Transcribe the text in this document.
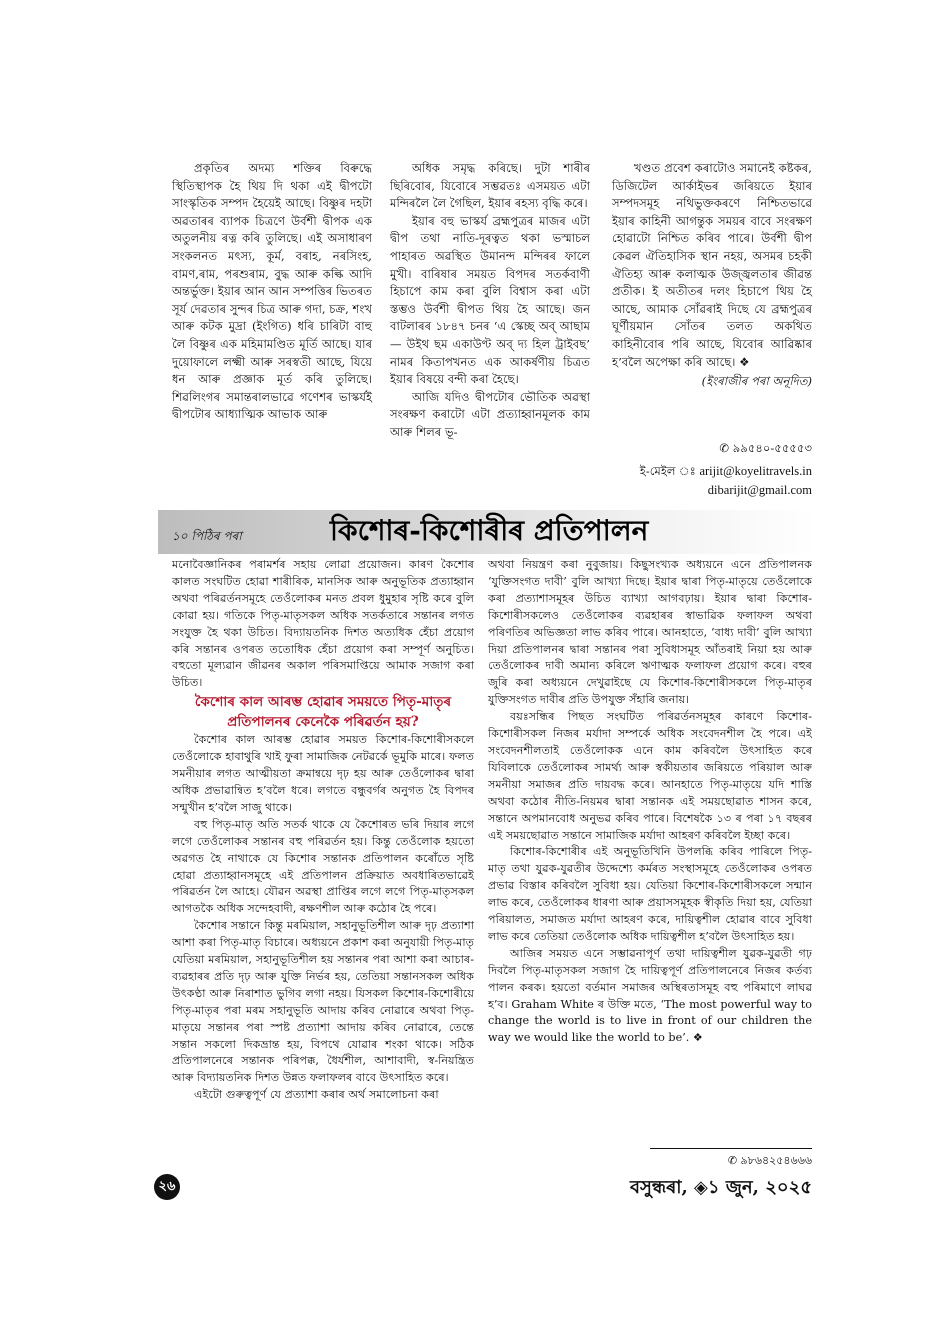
প্ৰকৃতিৰ অদম্য শক্তিৰ বিৰুদ্ধে স্থিতিস্থাপক হৈ থিয় দি থকা এই দ্বীপটো সাংস্কৃতিক সম্পদ হৈয়েই আছে। বিষ্ণুৰ দহটা অৱতাৰৰ ব্যাপক চিত্ৰণে উৰ্বশী দ্বীপক এক অতুলনীয় ৰত্ন কৰি তুলিছে। এই অসাধাৰণ সংকলনত মৎস্য, কূৰ্ম, বৰাহ, নৰসিংহ, বামণ,ৰাম, পৰশুৰাম, বুদ্ধ আৰু কল্কি আদি অন্তৰ্ভুক্ত। ইয়াৰ আন আন সম্পত্তিৰ ভিতৰত সূৰ্য দেৱতাৰ সুন্দৰ চিত্ৰ আৰু গদা, চক্ৰ, শংখ আৰু কটক মুদ্ৰা (ইংগিত) ধৰি চাৰিটা বাহু লৈ বিষ্ণুৰ এক মহিমামণ্ডিত মূৰ্তি আছে। যাৰ দুয়োফালে লক্ষ্মী আৰু সৰস্বতী আছে, যিয়ে ধন আৰু প্ৰজ্ঞাক মূৰ্ত কৰি তুলিছে। শিৱলিংগৰ সমান্তৰালভাৱে গণেশৰ ভাস্কৰ্যই দ্বীপটোৰ আধ্যাত্মিক আভাক আৰু

অধিক সমৃদ্ধ কৰিছে। দুটা শাৰীৰ ছিৰিবোৰ, যিবোৰে সম্ভৱতঃ এসময়ত এটা মন্দিৰলৈ লৈ গৈছিল, ইয়াৰ ৰহস্য বৃদ্ধি কৰে।

ইয়াৰ বহু ভাস্কৰ্য ব্ৰহ্মপুত্ৰৰ মাজৰ এটা দ্বীপ তথা নাতি-দূৰত্বত থকা ভস্মাচল পাহাৰত অৱস্থিত উমানন্দ মন্দিৰৰ ফালে মুখী। বাৰিষাৰ সময়ত বিপদৰ সতৰ্কবাণী হিচাপে কাম কৰা বুলি বিশ্বাস কৰা এটা স্তম্ভও উৰ্বশী দ্বীপত থিয় হৈ আছে। জন বাটলাৰৰ ১৮৪৭ চনৰ ‘এ স্কেচ্ছ অব্ আছাম— উইথ ছম একাউণ্ট অব্ দ্য হিল ট্ৰাইবছ’ নামৰ কিতাপখনত এক আকৰ্ষণীয় চিত্ৰত ইয়াৰ বিষয়ে বন্দী কৰা হৈছে।

আজি যদিও দ্বীপটোৰ ভৌতিক অৱস্থা সংৰক্ষণ কৰাটো এটা প্ৰত্যাহ্বানমূলক কাম আৰু শিলৰ ভূ-

খণ্ডত প্ৰবেশ কৰাটোও সমানেই কষ্টকৰ, ডিজিটেল আৰ্কাইভৰ জৰিয়তে ইয়াৰ সম্পদসমূহ নথিভুক্তকৰণে নিশ্চিতভাৱে ইয়াৰ কাহিনী আগন্তুক সময়ৰ বাবে সংৰক্ষণ হোৱাটো নিশ্চিত কৰিব পাৰে। উৰ্বশী দ্বীপ কেৱল ঐতিহাসিক স্থান নহয়, অসমৰ চহকী ঐতিহ্য আৰু কলাত্মক উজ্জ্বলতাৰ জীৱন্ত প্ৰতীক। ই অতীতৰ দলং হিচাপে থিয় হৈ আছে, আমাক সোঁৱৰাই দিছে যে ব্ৰহ্মপুত্ৰৰ ঘূৰ্ণীয়মান সোঁতৰ তলত অকথিত কাহিনীবোৰ পৰি আছে, যিবোৰ আৱিষ্কাৰ হ’বলৈ অপেক্ষা কৰি আছে। ❖

(ইংৰাজীৰ পৰা অনূদিত)
✆ ৯৯৫৪০-৫৫৫৫৩
ই-মেইল ঃ arijit@koyelitravels.in
dibarijit@gmail.com
১০ পিঠিৰ পৰা	কিশোৰ-কিশোৰীৰ প্ৰতিপালন

মনোবৈজ্ঞানিকৰ পৰামৰ্শৰ সহায় লোৱা প্ৰয়োজন। কাৰণ কৈশোৰ কালত সংঘটিত হোৱা শাৰীৰিক, মানসিক আৰু অনুভূতিক প্ৰত্যাহ্বান অথবা পৰিৱৰ্তনসমূহে তেওঁলোকৰ মনত প্ৰবল ধুমুহাৰ সৃষ্টি কৰে বুলি কোৱা হয়। গতিকে পিতৃ-মাতৃসকল অধিক সতৰ্কতাৰে সন্তানৰ লগত সংযুক্ত হৈ থকা উচিত। বিদ্যায়তনিক দিশত অত্যধিক হেঁচা প্ৰয়োগ কৰি সন্তানৰ ওপৰত ততোধিক হেঁচা প্ৰয়োগ কৰা সম্পূৰ্ণ অনুচিত। বহুতো মূল্যৱান জীৱনৰ অকাল পৰিসমাপ্তিয়ে আমাক সজাগ কৰা উচিত।

কৈশোৰ কাল আৰম্ভ হোৱাৰ সময়তে পিতৃ-মাতৃৰ প্ৰতিপালনৰ কেনেকৈ পৰিৱৰ্তন হয়?

কৈশোৰ কাল আৰম্ভ হোৱাৰ সময়ত কিশোৰ-কিশোৰীসকলে তেওঁলোকে হাবাথুৰি খাই ফুৰা সামাজিক নেটৱৰ্কে ভূমুকি মাৰে। ফলত সমনীয়াৰ লগত আত্মীয়তা ক্ৰমান্বয়ে দৃঢ় হয় আৰু তেওঁলোকৰ দ্বাৰা অধিক প্ৰভাৱান্বিত হ’বলৈ ধৰে। লগতে বন্ধুবৰ্গৰ অনুগত হৈ বিপদৰ সন্মুখীন হ’বলৈ সাজু থাকে।

বহু পিতৃ-মাতৃ অতি সতৰ্ক থাকে যে কৈশোৰত ভৰি দিয়াৰ লগে লগে তেওঁলোকৰ সন্তানৰ বহু পৰিৱৰ্তন হয়। কিন্তু তেওঁলোক হয়তো অৱগত হৈ নাথাকে যে কিশোৰ সন্তানক প্ৰতিপালন কৰোঁতে সৃষ্টি হোৱা প্ৰত্যাহ্বানসমূহে এই প্ৰতিপালন প্ৰক্ৰিয়াত অবধাৰিতভাৱেই পৰিৱৰ্তন লৈ আহে। যৌৱন অৱস্থা প্ৰাপ্তিৰ লগে লগে পিতৃ-মাতৃসকল আগতকৈ অধিক সন্দেহবাদী, ৰক্ষণশীল আৰু কঠোৰ হৈ পৰে।

কৈশোৰ সন্তানে কিন্তু মৰমিয়াল, সহানুভূতিশীল আৰু দৃঢ় প্ৰত্যাশা আশা কৰা পিতৃ-মাতৃ বিচাৰে। অধ্যয়নে প্ৰকাশ কৰা অনুযায়ী পিতৃ-মাতৃ যেতিয়া মৰমিয়াল, সহানুভূতিশীল হয় সন্তানৰ পৰা আশা কৰা আচাৰ-ব্যৱহাৰৰ প্ৰতি দৃঢ় আৰু যুক্তি নিৰ্ভৰ হয়, তেতিয়া সন্তানসকল অধিক উৎকণ্ঠা আৰু নিৰাশাত ভুগিব লগা নহয়। যিসকল কিশোৰ-কিশোৰীয়ে পিতৃ-মাতৃৰ পৰা মৰম সহানুভূতি আদায় কৰিব নোৱাৰে অথবা পিতৃ-মাতৃয়ে সন্তানৰ পৰা স্পষ্ট প্ৰত্যাশা আদায় কৰিব নোৱাৰে, তেন্তে সন্তান সকলো দিকভ্ৰান্ত হয়, বিপথে যোৱাৰ শংকা থাকে। সঠিক প্ৰতিপালনেৰে সন্তানক পৰিপক্ক, ধৈৰ্যশীল, আশাবাদী, স্ব-নিয়ন্ত্ৰিত আৰু বিদ্যায়তনিক দিশত উন্নত ফলাফলৰ বাবে উৎসাহিত কৰে।

এইটো গুৰুত্বপূৰ্ণ যে প্ৰত্যাশা কৰাৰ অৰ্থ সমালোচনা কৰা

অথবা নিয়ন্ত্ৰণ কৰা নুবুজায়। কিছুসংখ্যক অধ্যয়নে এনে প্ৰতিপালনক ‘যুক্তিসংগত দাবী’ বুলি আখ্যা দিছে। ইয়াৰ দ্বাৰা পিতৃ-মাতৃয়ে তেওঁলোকে কৰা প্ৰত্যাশাসমূহৰ উচিত ব্যাখ্যা আগবঢ়ায়। ইয়াৰ দ্বাৰা কিশোৰ-কিশোৰীসকলেও তেওঁলোকৰ ব্যৱহাৰৰ স্বাভাৱিক ফলাফল অথবা পৰিণতিৰ অভিজ্ঞতা লাভ কৰিব পাৰে। আনহাতে, ‘বাধ্য দাবী’ বুলি আখ্যা দিয়া প্ৰতিপালনৰ দ্বাৰা সন্তানৰ পৰা সুবিধাসমূহ আঁতৰাই নিয়া হয় আৰু তেওঁলোকৰ দাবী অমান্য কৰিলে ঋণাত্মক ফলাফল প্ৰয়োগ কৰে। বহুৰ জুৰি কৰা অধ্যয়নে দেখুৱাইছে যে কিশোৰ-কিশোৰীসকলে পিতৃ-মাতৃৰ যুক্তিসংগত দাবীৰ প্ৰতি উপযুক্ত সঁহাৰি জনায়।

বয়ঃসন্ধিৰ পিছত সংঘটিত পৰিৱৰ্তনসমূহৰ কাৰণে কিশোৰ-কিশোৰীসকল নিজৰ মৰ্যাদা সম্পৰ্কে অধিক সংবেদনশীল হৈ পৰে। এই সংবেদনশীলতাই তেওঁলোকক এনে কাম কৰিবলৈ উৎসাহিত কৰে যিবিলাকে তেওঁলোকৰ সামৰ্থ্য আৰু স্বকীয়তাৰ জৰিয়তে পৰিয়াল আৰু সমনীয়া সমাজৰ প্ৰতি দায়বদ্ধ কৰে। আনহাতে পিতৃ-মাতৃয়ে যদি শাস্তি অথবা কঠোৰ নীতি-নিয়মৰ দ্বাৰা সন্তানক এই সময়ছোৱাত শাসন কৰে, সন্তানে অপমানবোধ অনুভৱ কৰিব পাৰে। বিশেষকৈ ১৩ ৰ পৰা ১৭ বছৰৰ এই সময়ছোৱাত সন্তানে সামাজিক মৰ্যাদা আহৰণ কৰিবলৈ ইচ্ছা কৰে।

কিশোৰ-কিশোৰীৰ এই অনুভূতিখিনি উপলব্ধি কৰিব পাৰিলে পিতৃ-মাতৃ তথা যুৱক-যুৱতীৰ উদ্দেশ্যে কৰ্মৰত সংস্থাসমূহে তেওঁলোকৰ ওপৰত প্ৰভাৱ বিস্তাৰ কৰিবলৈ সুবিধা হয়। যেতিয়া কিশোৰ-কিশোৰীসকলে সন্মান লাভ কৰে, তেওঁলোকৰ ধাৰণা আৰু প্ৰয়াসসমূহক স্বীকৃতি দিয়া হয়, যেতিয়া পৰিয়ালত, সমাজত মৰ্যাদা আহৰণ কৰে, দায়িত্বশীল হোৱাৰ বাবে সুবিধা লাভ কৰে তেতিয়া তেওঁলোক অধিক দায়িত্বশীল হ’বলৈ উৎসাহিত হয়।

আজিৰ সময়ত এনে সম্ভাৱনাপূৰ্ণ তথা দায়িত্বশীল যুৱক-যুৱতী গঢ় দিবলৈ পিতৃ-মাতৃসকল সজাগ হৈ দায়িত্বপূৰ্ণ প্ৰতিপালনেৰে নিজৰ কৰ্তব্য পালন কৰক। হয়তো বৰ্তমান সমাজৰ অস্থিৰতাসমূহ বহু পৰিমাণে লাঘৱ হ’ব। Graham White ৰ উক্তি মতে, ‘The most powerful way to change the world is to live in front of our children the way we would like the world to be’. ❖

✆ ৯৮৬৪২৫৪৬৬৬
২৬	বসুন্ধৰা, ◈১ জুন, ২০২৫
